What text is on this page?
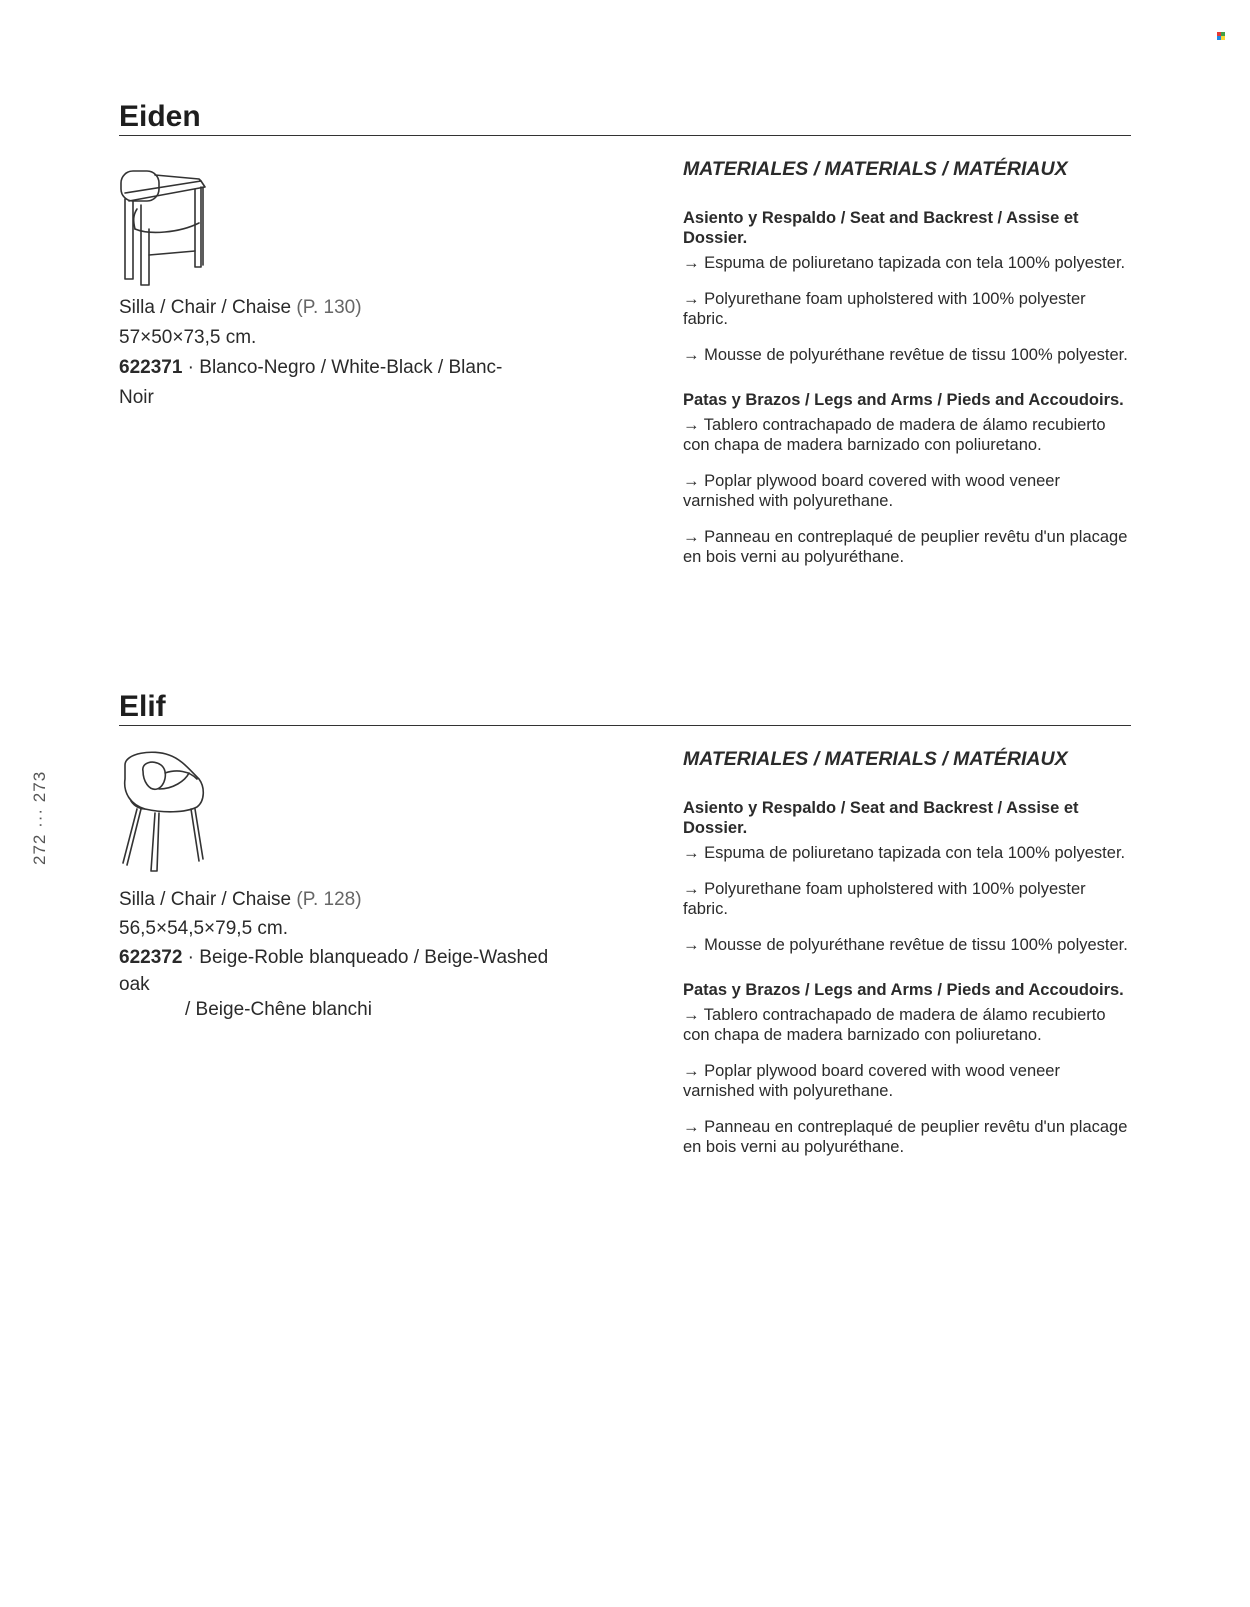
272 ··· 273
Eiden
Silla / Chair / Chaise (P. 130)
57×50×73,5 cm.
622371 · Blanco-Negro / White-Black / Blanc-
Noir
MATERIALES / MATERIALS / MATÉRIAUX

Asiento y Respaldo / Seat and Backrest / Assise et Dossier.

→ Espuma de poliuretano tapizada con tela 100% polyester.

→ Polyurethane foam upholstered with 100% polyester fabric.

→ Mousse de polyuréthane revêtue de tissu 100% polyester.

Patas y Brazos / Legs and Arms / Pieds and Accoudoirs.

→ Tablero contrachapado de madera de álamo recubierto con chapa de madera barnizado con poliuretano.

→ Poplar plywood board covered with wood veneer varnished with polyurethane.

→ Panneau en contreplaqué de peuplier revêtu d'un placage en bois verni au polyuréthane.

Elif
Silla / Chair / Chaise (P. 128)
56,5×54,5×79,5 cm.
622372 · Beige-Roble blanqueado / Beige-Washed
oak
/ Beige-Chêne blanchi
MATERIALES / MATERIALS / MATÉRIAUX

Asiento y Respaldo / Seat and Backrest / Assise et Dossier.

→ Espuma de poliuretano tapizada con tela 100% polyester.

→ Polyurethane foam upholstered with 100% polyester fabric.

→ Mousse de polyuréthane revêtue de tissu 100% polyester.

Patas y Brazos / Legs and Arms / Pieds and Accoudoirs.

→ Tablero contrachapado de madera de álamo recubierto con chapa de madera barnizado con poliuretano.

→ Poplar plywood board covered with wood veneer varnished with polyurethane.

→ Panneau en contreplaqué de peuplier revêtu d'un placage en bois verni au polyuréthane.
